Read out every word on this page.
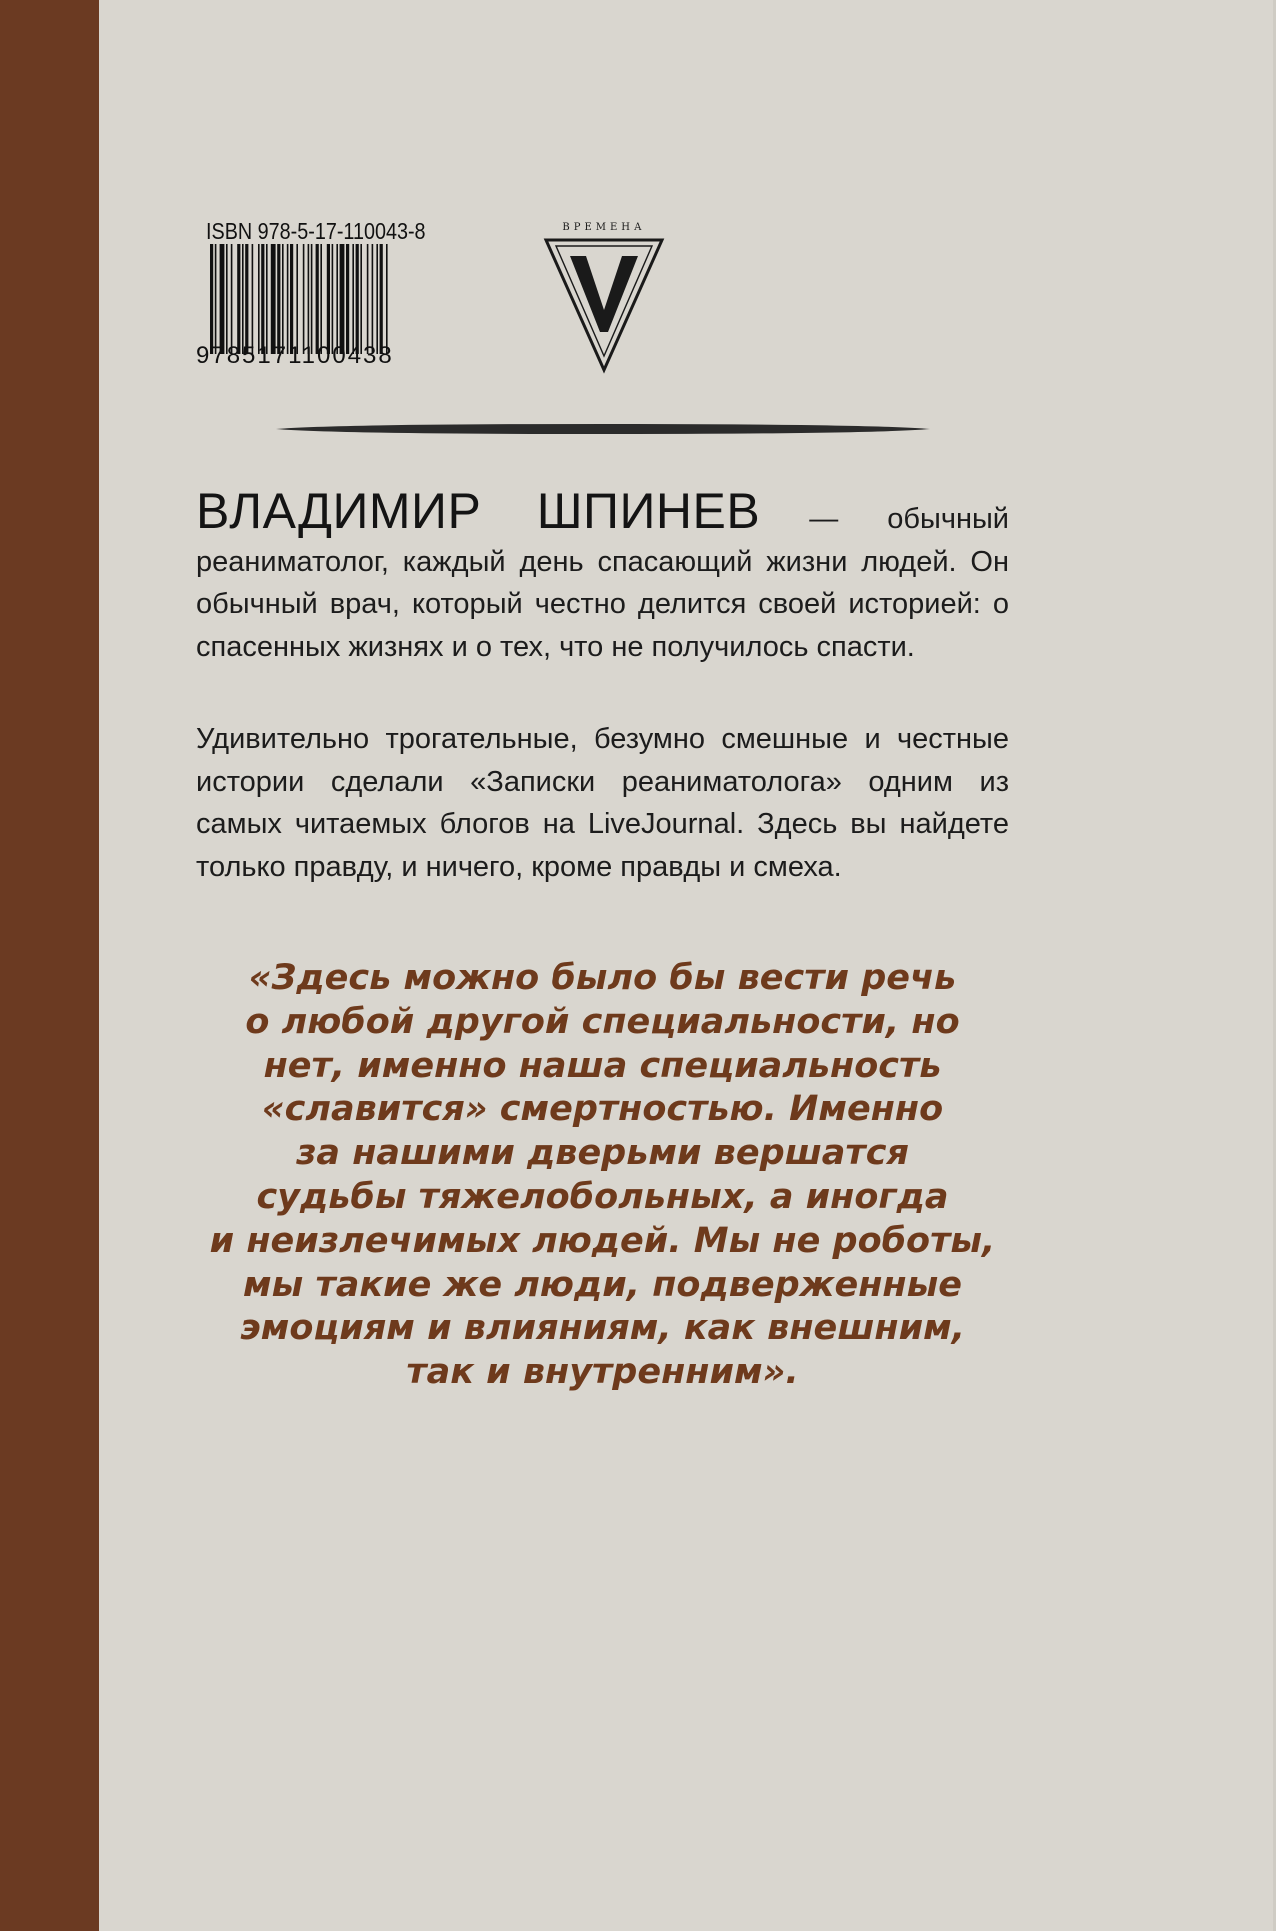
ISBN 978-5-17-110043-8
9785171100438
ВРЕМЕНА
ВЛАДИМИР ШПИНЕВ — обычный реаниматолог, каждый день спасающий жизни людей. Он обычный врач, который честно делится своей историей: о спасенных жизнях и о тех, что не получилось спасти.
Удивительно трогательные, безумно смешные и честные истории сделали «Записки реаниматолога» одним из самых читаемых блогов на LiveJournal. Здесь вы найдете только правду, и ничего, кроме правды и смеха.
«Здесь можно было бы вести речь
о любой другой специальности, но
нет, именно наша специальность
«славится» смертностью. Именно
за нашими дверьми вершатся
судьбы тяжелобольных, а иногда
и неизлечимых людей. Мы не роботы,
мы такие же люди, подверженные
эмоциям и влияниям, как внешним,
так и внутренним».
